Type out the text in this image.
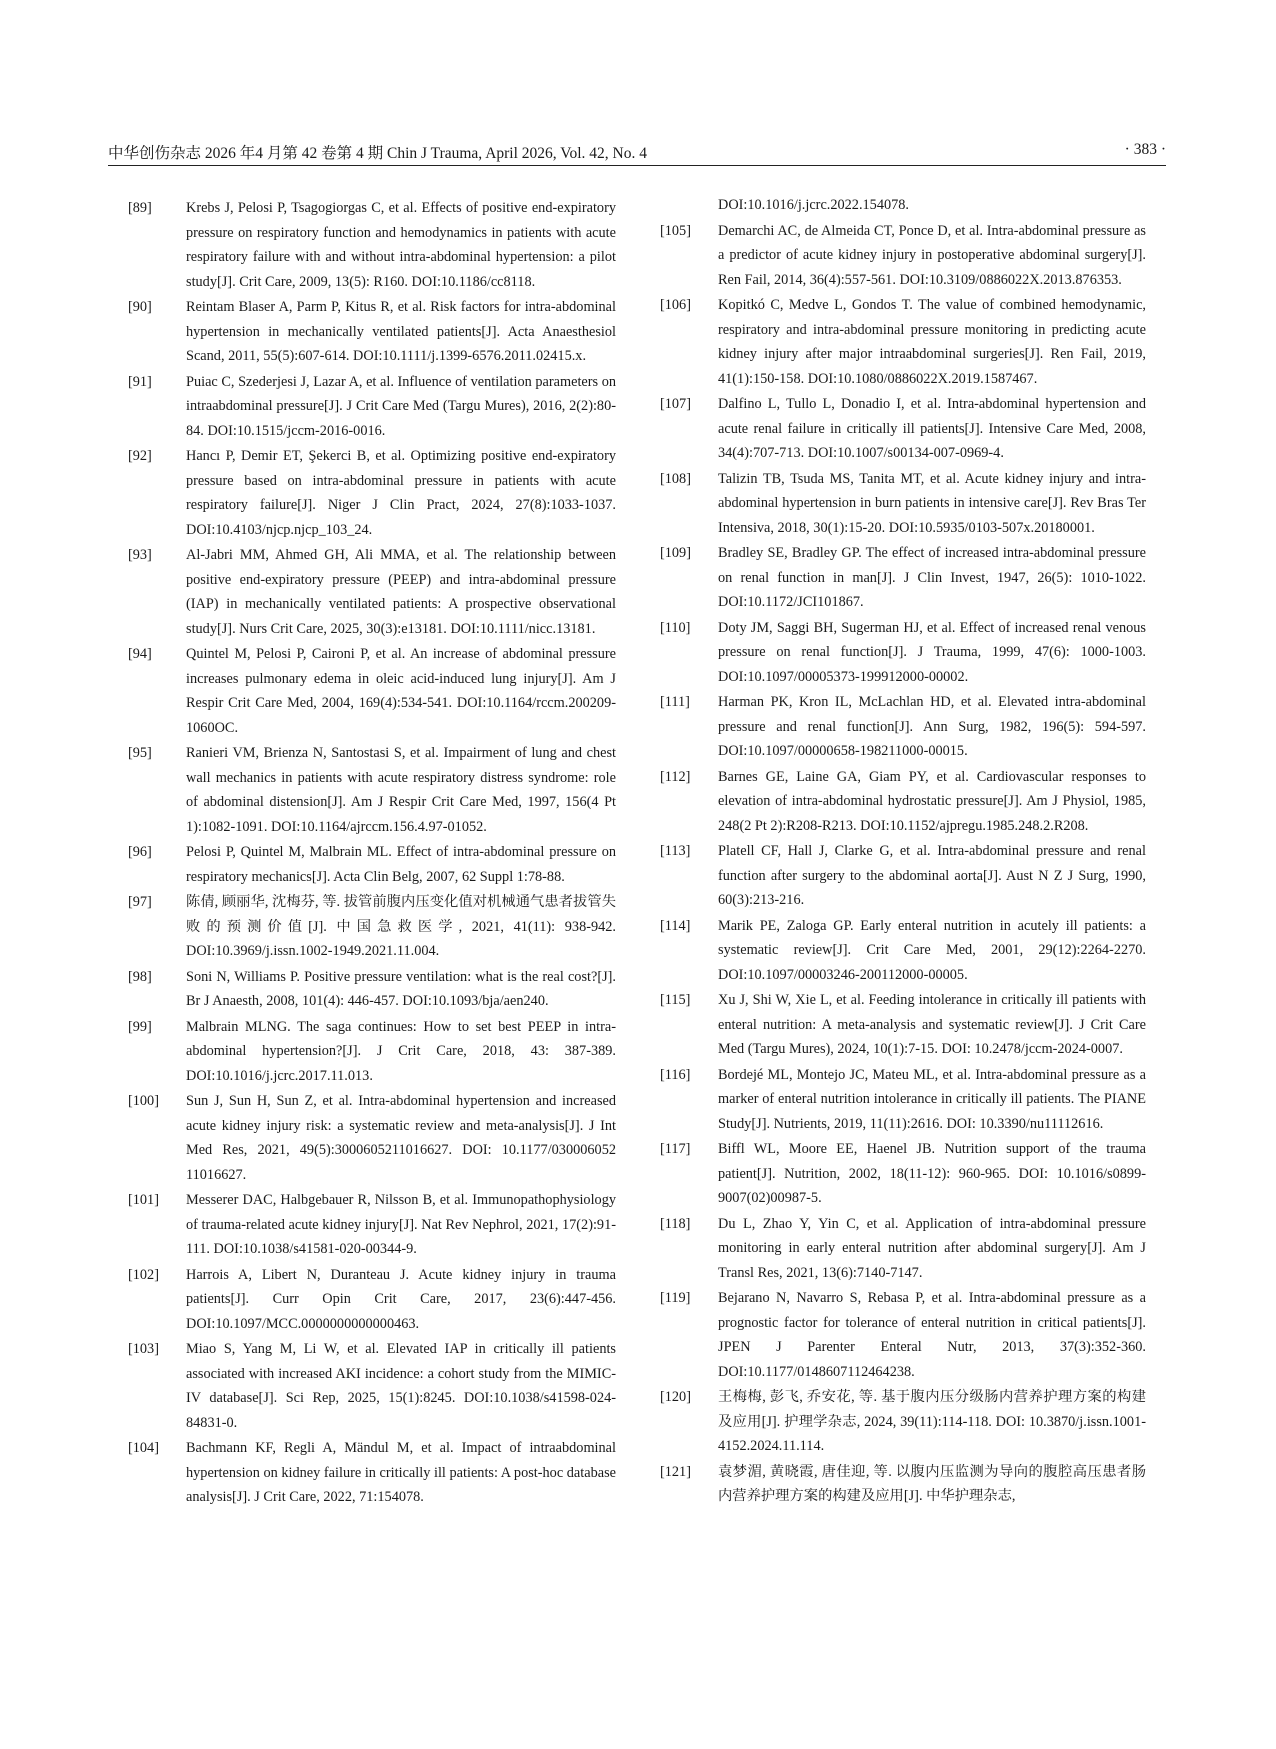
中华创伤杂志 2026 年4 月第 42 卷第 4 期 Chin J Trauma, April 2026, Vol. 42, No. 4	· 383 ·
[89] Krebs J, Pelosi P, Tsagogiorgas C, et al. Effects of positive end-expiratory pressure on respiratory function and hemodynamics in patients with acute respiratory failure with and without intra-abdominal hypertension: a pilot study[J]. Crit Care, 2009, 13(5): R160. DOI:10.1186/cc8118.
[90] Reintam Blaser A, Parm P, Kitus R, et al. Risk factors for intra-abdominal hypertension in mechanically ventilated patients[J]. Acta Anaesthesiol Scand, 2011, 55(5):607-614. DOI:10.1111/j.1399-6576.2011.02415.x.
[91] Puiac C, Szederjesi J, Lazar A, et al. Influence of ventilation parameters on intraabdominal pressure[J]. J Crit Care Med (Targu Mures), 2016, 2(2):80-84. DOI:10.1515/jccm-2016-0016.
[92] Hancı P, Demir ET, Şekerci B, et al. Optimizing positive end-expiratory pressure based on intra-abdominal pressure in patients with acute respiratory failure[J]. Niger J Clin Pract, 2024, 27(8):1033-1037. DOI:10.4103/njcp.njcp_103_24.
[93] Al-Jabri MM, Ahmed GH, Ali MMA, et al. The relationship between positive end-expiratory pressure (PEEP) and intra-abdominal pressure (IAP) in mechanically ventilated patients: A prospective observational study[J]. Nurs Crit Care, 2025, 30(3):e13181. DOI:10.1111/nicc.13181.
[94] Quintel M, Pelosi P, Caironi P, et al. An increase of abdominal pressure increases pulmonary edema in oleic acid-induced lung injury[J]. Am J Respir Crit Care Med, 2004, 169(4):534-541. DOI:10.1164/rccm.200209-1060OC.
[95] Ranieri VM, Brienza N, Santostasi S, et al. Impairment of lung and chest wall mechanics in patients with acute respiratory distress syndrome: role of abdominal distension[J]. Am J Respir Crit Care Med, 1997, 156(4 Pt 1):1082-1091. DOI:10.1164/ajrccm.156.4.97-01052.
[96] Pelosi P, Quintel M, Malbrain ML. Effect of intra-abdominal pressure on respiratory mechanics[J]. Acta Clin Belg, 2007, 62 Suppl 1:78-88.
[97] 陈倩, 顾丽华, 沈梅芬, 等. 拔管前腹内压变化值对机械通气患者拔管失败的预测价值[J]. 中国急救医学, 2021, 41(11): 938-942. DOI:10.3969/j.issn.1002-1949.2021.11.004.
[98] Soni N, Williams P. Positive pressure ventilation: what is the real cost?[J]. Br J Anaesth, 2008, 101(4): 446-457. DOI:10.1093/bja/aen240.
[99] Malbrain MLNG. The saga continues: How to set best PEEP in intra-abdominal hypertension?[J]. J Crit Care, 2018, 43: 387-389. DOI:10.1016/j.jcrc.2017.11.013.
[100] Sun J, Sun H, Sun Z, et al. Intra-abdominal hypertension and increased acute kidney injury risk: a systematic review and meta-analysis[J]. J Int Med Res, 2021, 49(5):3000605211016627. DOI: 10.1177/030006052 11016627.
[101] Messerer DAC, Halbgebauer R, Nilsson B, et al. Immunopathophysiology of trauma-related acute kidney injury[J]. Nat Rev Nephrol, 2021, 17(2):91-111. DOI:10.1038/s41581-020-00344-9.
[102] Harrois A, Libert N, Duranteau J. Acute kidney injury in trauma patients[J]. Curr Opin Crit Care, 2017, 23(6):447-456. DOI:10.1097/MCC.0000000000000463.
[103] Miao S, Yang M, Li W, et al. Elevated IAP in critically ill patients associated with increased AKI incidence: a cohort study from the MIMIC-IV database[J]. Sci Rep, 2025, 15(1):8245. DOI:10.1038/s41598-024-84831-0.
[104] Bachmann KF, Regli A, Mändul M, et al. Impact of intraabdominal hypertension on kidney failure in critically ill patients: A post-hoc database analysis[J]. J Crit Care, 2022, 71:154078.
DOI:10.1016/j.jcrc.2022.154078.
[105] Demarchi AC, de Almeida CT, Ponce D, et al. Intra-abdominal pressure as a predictor of acute kidney injury in postoperative abdominal surgery[J]. Ren Fail, 2014, 36(4):557-561. DOI:10.3109/0886022X.2013.876353.
[106] Kopitkó C, Medve L, Gondos T. The value of combined hemodynamic, respiratory and intra-abdominal pressure monitoring in predicting acute kidney injury after major intraabdominal surgeries[J]. Ren Fail, 2019, 41(1):150-158. DOI:10.1080/0886022X.2019.1587467.
[107] Dalfino L, Tullo L, Donadio I, et al. Intra-abdominal hypertension and acute renal failure in critically ill patients[J]. Intensive Care Med, 2008, 34(4):707-713. DOI:10.1007/s00134-007-0969-4.
[108] Talizin TB, Tsuda MS, Tanita MT, et al. Acute kidney injury and intra-abdominal hypertension in burn patients in intensive care[J]. Rev Bras Ter Intensiva, 2018, 30(1):15-20. DOI:10.5935/0103-507x.20180001.
[109] Bradley SE, Bradley GP. The effect of increased intra-abdominal pressure on renal function in man[J]. J Clin Invest, 1947, 26(5): 1010-1022. DOI:10.1172/JCI101867.
[110] Doty JM, Saggi BH, Sugerman HJ, et al. Effect of increased renal venous pressure on renal function[J]. J Trauma, 1999, 47(6): 1000-1003. DOI:10.1097/00005373-199912000-00002.
[111] Harman PK, Kron IL, McLachlan HD, et al. Elevated intra-abdominal pressure and renal function[J]. Ann Surg, 1982, 196(5): 594-597. DOI:10.1097/00000658-198211000-00015.
[112] Barnes GE, Laine GA, Giam PY, et al. Cardiovascular responses to elevation of intra-abdominal hydrostatic pressure[J]. Am J Physiol, 1985, 248(2 Pt 2):R208-R213. DOI:10.1152/ajpregu.1985.248.2.R208.
[113] Platell CF, Hall J, Clarke G, et al. Intra-abdominal pressure and renal function after surgery to the abdominal aorta[J]. Aust N Z J Surg, 1990, 60(3):213-216.
[114] Marik PE, Zaloga GP. Early enteral nutrition in acutely ill patients: a systematic review[J]. Crit Care Med, 2001, 29(12):2264-2270. DOI:10.1097/00003246-200112000-00005.
[115] Xu J, Shi W, Xie L, et al. Feeding intolerance in critically ill patients with enteral nutrition: A meta-analysis and systematic review[J]. J Crit Care Med (Targu Mures), 2024, 10(1):7-15. DOI: 10.2478/jccm-2024-0007.
[116] Bordejé ML, Montejo JC, Mateu ML, et al. Intra-abdominal pressure as a marker of enteral nutrition intolerance in critically ill patients. The PIANE Study[J]. Nutrients, 2019, 11(11):2616. DOI: 10.3390/nu11112616.
[117] Biffl WL, Moore EE, Haenel JB. Nutrition support of the trauma patient[J]. Nutrition, 2002, 18(11-12): 960-965. DOI: 10.1016/s0899-9007(02)00987-5.
[118] Du L, Zhao Y, Yin C, et al. Application of intra-abdominal pressure monitoring in early enteral nutrition after abdominal surgery[J]. Am J Transl Res, 2021, 13(6):7140-7147.
[119] Bejarano N, Navarro S, Rebasa P, et al. Intra-abdominal pressure as a prognostic factor for tolerance of enteral nutrition in critical patients[J]. JPEN J Parenter Enteral Nutr, 2013, 37(3):352-360. DOI:10.1177/0148607112464238.
[120] 王梅梅, 彭飞, 乔安花, 等. 基于腹内压分级肠内营养护理方案的构建及应用[J]. 护理学杂志, 2024, 39(11):114-118. DOI: 10.3870/j.issn.1001-4152.2024.11.114.
[121] 袁梦湄, 黄晓霞, 唐佳迎, 等. 以腹内压监测为导向的腹腔高压患者肠内营养护理方案的构建及应用[J]. 中华护理杂志,
